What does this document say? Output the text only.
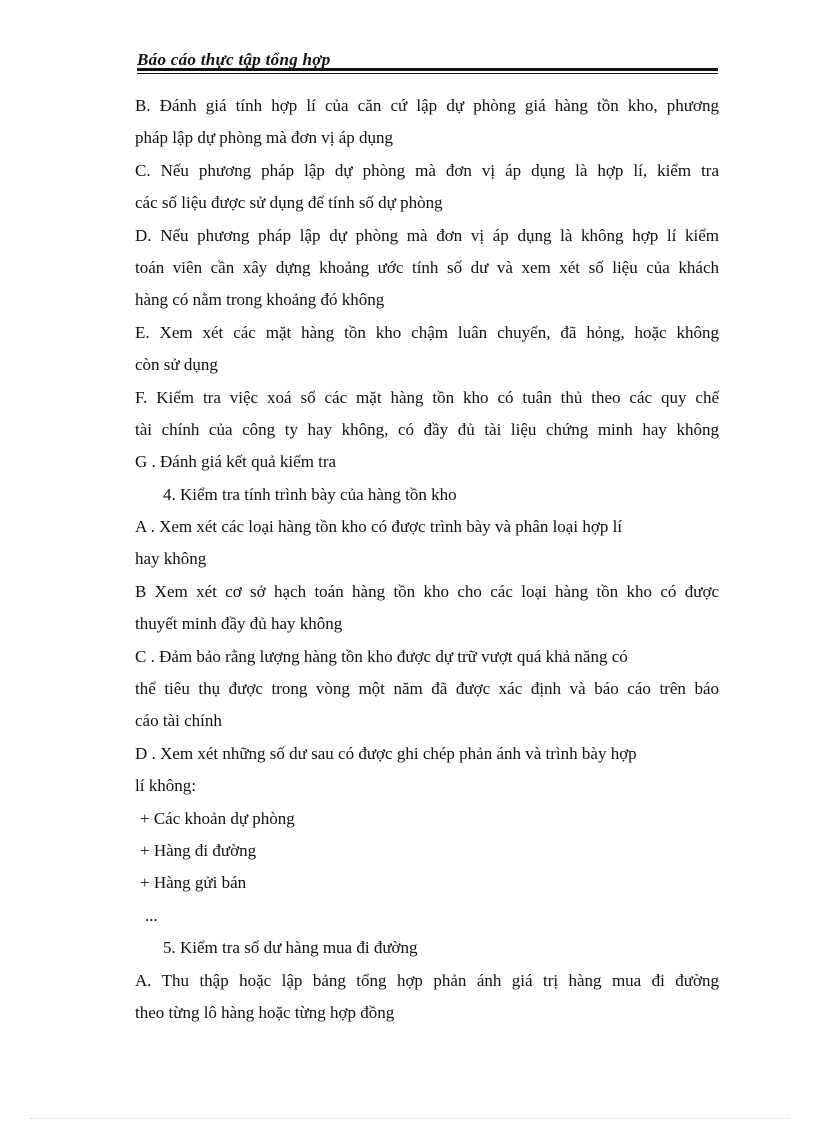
Báo cáo thực tập tổng hợp
B. Đánh giá tính hợp lí của căn cứ lập dự phòng giá hàng tồn kho, phương
pháp lập dự phòng mà đơn vị áp dụng
C. Nếu phương pháp lập dự phòng mà đơn vị áp dụng là hợp lí, kiểm tra
các số liệu được sử dụng để tính số dự phòng
D. Nếu phương pháp lập dự phòng mà đơn vị áp dụng là không hợp lí kiểm
toán viên cần xây dựng khoảng ước tính số dư và xem xét số liệu của khách
hàng có nằm trong khoảng đó không
E. Xem xét các mặt hàng tồn kho chậm luân chuyển, đã hỏng, hoặc không
còn sử dụng
F. Kiểm tra việc xoá sổ các mặt hàng tồn kho có tuân thủ theo các quy chế
tài chính của công ty hay không, có đầy đủ tài liệu chứng minh hay không
G . Đánh giá kết quả kiểm tra
4. Kiểm tra tính trình bày của hàng tồn kho
A . Xem xét các loại hàng tồn kho có được trình bày và phân loại hợp lí
hay không
B Xem xét cơ sở hạch toán hàng tồn kho cho các loại hàng tồn kho có được
thuyết minh đầy đủ hay không
C . Đảm bảo rằng lượng hàng tồn kho được dự trữ vượt quá khả năng có
thể tiêu thụ được trong vòng một năm đã được xác định và báo cáo trên báo
cáo tài chính
D . Xem xét những số dư sau có được ghi chép phản ánh và trình bày hợp
lí không:
+ Các khoản dự phòng
+ Hàng đi đường
+ Hàng gửi bán
...
5. Kiểm tra số dư hàng mua đi đường
A. Thu thập hoặc lập bảng tổng hợp phản ánh giá trị hàng mua đi đường
theo từng lô hàng hoặc từng hợp đồng
